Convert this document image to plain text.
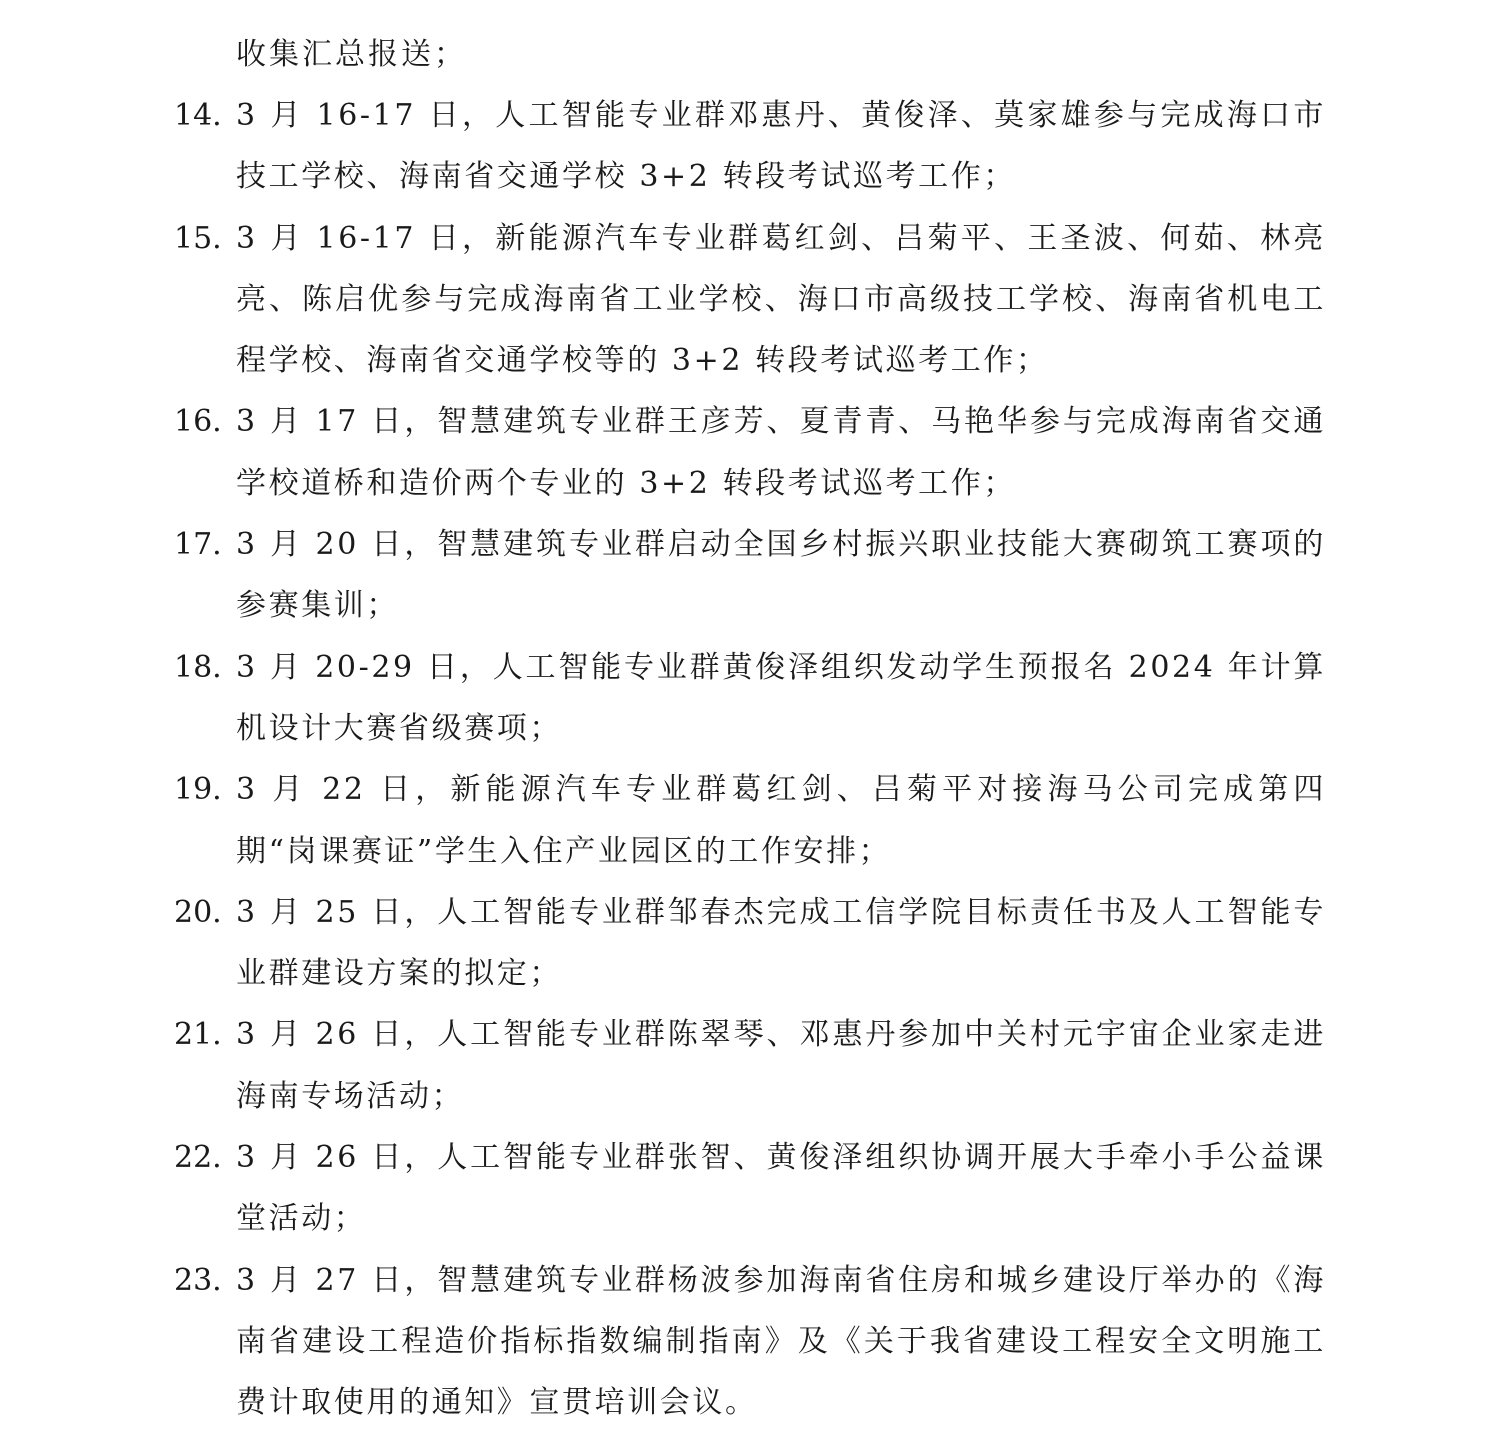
收集汇总报送；
14. 3 月 16-17 日，人工智能专业群邓惠丹、黄俊泽、莫家雄参与完成海口市技工学校、海南省交通学校 3+2 转段考试巡考工作；
15. 3 月 16-17 日，新能源汽车专业群葛红剑、吕菊平、王圣波、何茹、林亮亮、陈启优参与完成海南省工业学校、海口市高级技工学校、海南省机电工程学校、海南省交通学校等的 3+2 转段考试巡考工作；
16. 3 月 17 日，智慧建筑专业群王彦芳、夏青青、马艳华参与完成海南省交通学校道桥和造价两个专业的 3+2 转段考试巡考工作；
17. 3 月 20 日，智慧建筑专业群启动全国乡村振兴职业技能大赛砌筑工赛项的参赛集训；
18. 3 月 20-29 日，人工智能专业群黄俊泽组织发动学生预报名 2024 年计算机设计大赛省级赛项；
19. 3 月 22 日，新能源汽车专业群葛红剑、吕菊平对接海马公司完成第四期“岗课赛证”学生入住产业园区的工作安排；
20. 3 月 25 日，人工智能专业群邹春杰完成工信学院目标责任书及人工智能专业群建设方案的拟定；
21. 3 月 26 日，人工智能专业群陈翠琴、邓惠丹参加中关村元宇宙企业家走进海南专场活动；
22. 3 月 26 日，人工智能专业群张智、黄俊泽组织协调开展大手牵小手公益课堂活动；
23. 3 月 27 日，智慧建筑专业群杨波参加海南省住房和城乡建设厅举办的《海南省建设工程造价指标指数编制指南》及《关于我省建设工程安全文明施工费计取使用的通知》宣贯培训会议。
